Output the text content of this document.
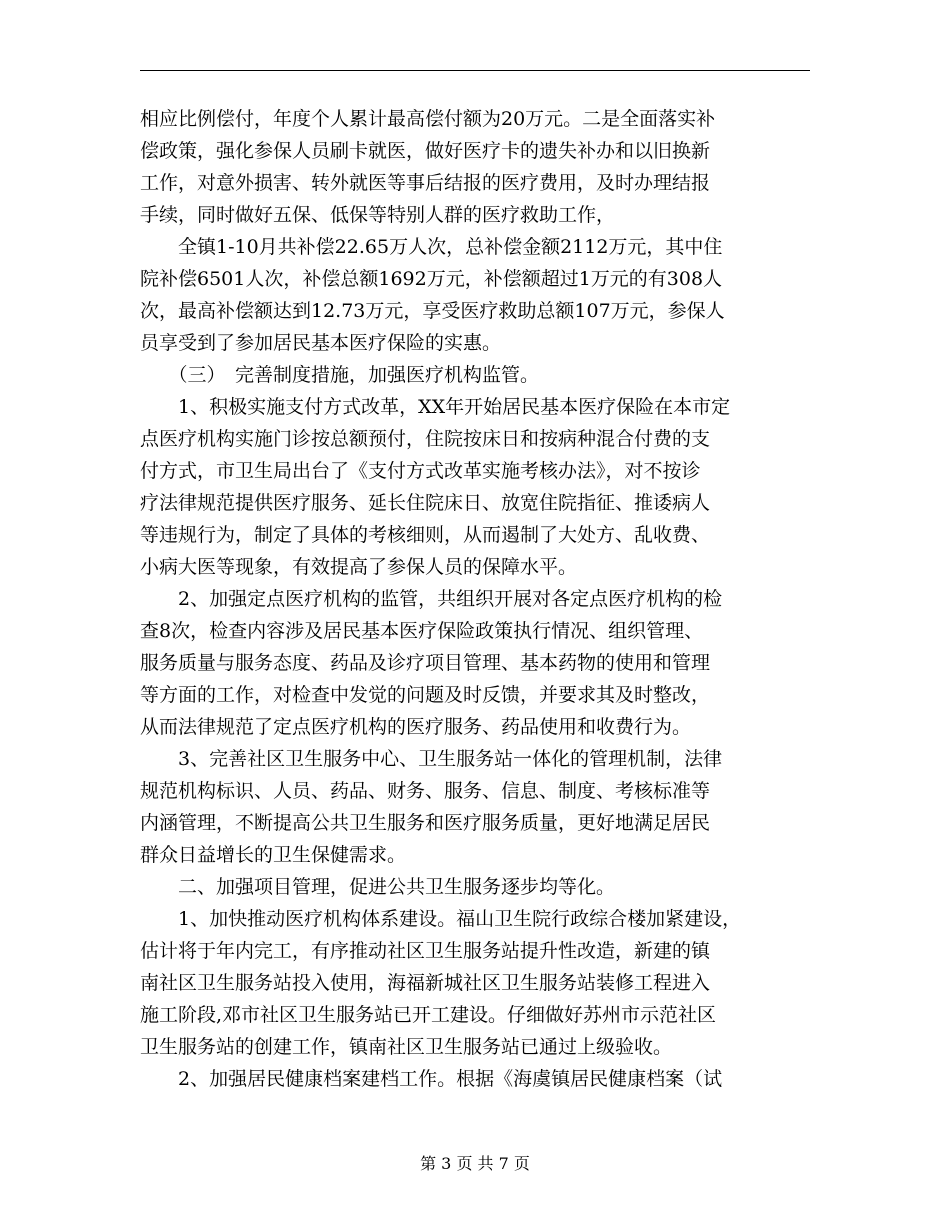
相应比例偿付，年度个人累计最高偿付额为20万元。二是全面落实补
偿政策，强化参保人员刷卡就医，做好医疗卡的遗失补办和以旧换新
工作，对意外损害、转外就医等事后结报的医疗费用，及时办理结报
手续，同时做好五保、低保等特别人群的医疗救助工作，
　　全镇1-10月共补偿22.65万人次，总补偿金额2112万元，其中住
院补偿6501人次，补偿总额1692万元，补偿额超过1万元的有308人
次，最高补偿额达到12.73万元，享受医疗救助总额107万元，参保人
员享受到了参加居民基本医疗保险的实惠。
　　（三）　完善制度措施，加强医疗机构监管。
　　1、积极实施支付方式改革，XX年开始居民基本医疗保险在本市定
点医疗机构实施门诊按总额预付，住院按床日和按病种混合付费的支
付方式，市卫生局出台了《支付方式改革实施考核办法》，对不按诊
疗法律规范提供医疗服务、延长住院床日、放宽住院指征、推诿病人
等违规行为，制定了具体的考核细则，从而遏制了大处方、乱收费、
小病大医等现象，有效提高了参保人员的保障水平。
　　2、加强定点医疗机构的监管，共组织开展对各定点医疗机构的检
查8次，检查内容涉及居民基本医疗保险政策执行情况、组织管理、
服务质量与服务态度、药品及诊疗项目管理、基本药物的使用和管理
等方面的工作，对检查中发觉的问题及时反馈，并要求其及时整改，
从而法律规范了定点医疗机构的医疗服务、药品使用和收费行为。
　　3、完善社区卫生服务中心、卫生服务站一体化的管理机制，法律
规范机构标识、人员、药品、财务、服务、信息、制度、考核标准等
内涵管理，不断提高公共卫生服务和医疗服务质量，更好地满足居民
群众日益增长的卫生保健需求。
　　二、加强项目管理，促进公共卫生服务逐步均等化。
　　1、加快推动医疗机构体系建设。福山卫生院行政综合楼加紧建设，
估计将于年内完工，有序推动社区卫生服务站提升性改造，新建的镇
南社区卫生服务站投入使用，海福新城社区卫生服务站装修工程进入
施工阶段,邓市社区卫生服务站已开工建设。仔细做好苏州市示范社区
卫生服务站的创建工作，镇南社区卫生服务站已通过上级验收。
　　2、加强居民健康档案建档工作。根据《海虞镇居民健康档案（试
第 3 页 共 7 页
